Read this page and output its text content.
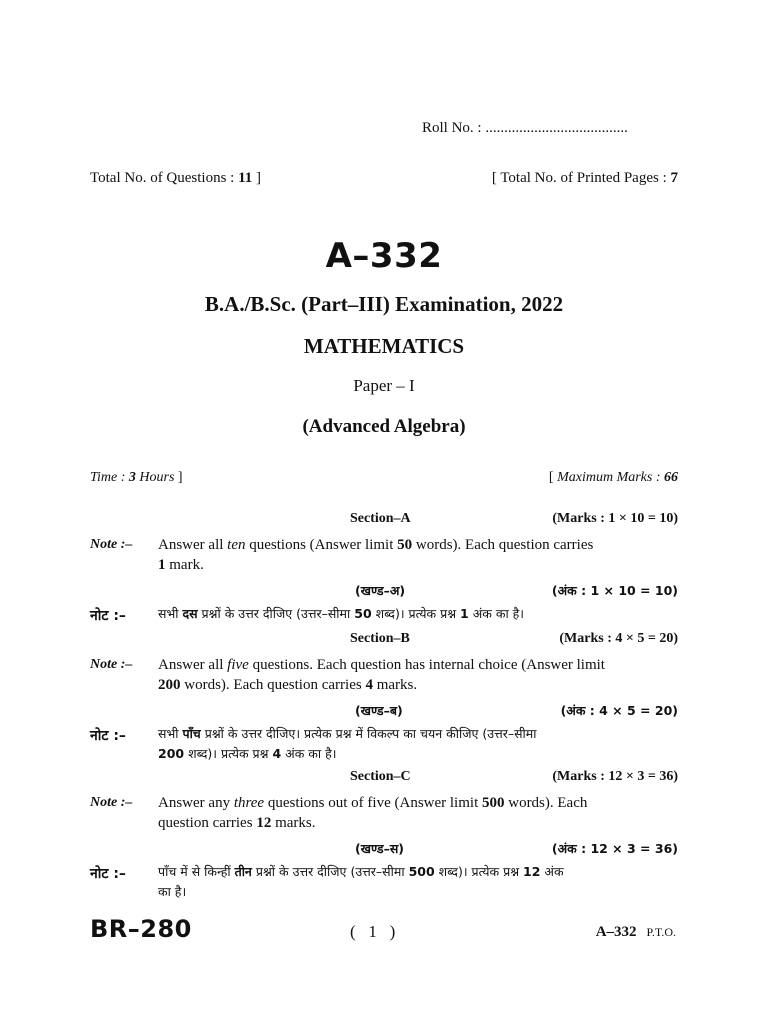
Roll No. : ......................................
Total No. of Questions : 11 ]	[ Total No. of Printed Pages : 7
A–332
B.A./B.Sc. (Part–III) Examination, 2022
MATHEMATICS
Paper – I
(Advanced Algebra)
Time : 3 Hours ]	[ Maximum Marks : 66
Section–A	(Marks : 1 × 10 = 10)
Note :– Answer all ten questions (Answer limit 50 words). Each question carries
1 mark.
(खण्ड–अ)	(अंक : 1 × 10 = 10)
नोट :–	सभी दस प्रश्नों के उत्तर दीजिए (उत्तर–सीमा 50 शब्द)। प्रत्येक प्रश्न 1 अंक का है।
Section–B	(Marks : 4 × 5 = 20)
Note :– Answer all five questions. Each question has internal choice (Answer limit
200 words). Each question carries 4 marks.
(खण्ड–ब)	(अंक : 4 × 5 = 20)
नोट :–	सभी पाँच प्रश्नों के उत्तर दीजिए। प्रत्येक प्रश्न में विकल्प का चयन कीजिए (उत्तर–सीमा
200 शब्द)। प्रत्येक प्रश्न 4 अंक का है।
Section–C	(Marks : 12 × 3 = 36)
Note :– Answer any three questions out of five (Answer limit 500 words). Each
question carries 12 marks.
(खण्ड–स)	(अंक : 12 × 3 = 36)
नोट :–	पाँच में से किन्हीं तीन प्रश्नों के उत्तर दीजिए (उत्तर–सीमा 500 शब्द)। प्रत्येक प्रश्न 12 अंक
का है।
BR–280	(   1   )	A–332 P.T.O.
